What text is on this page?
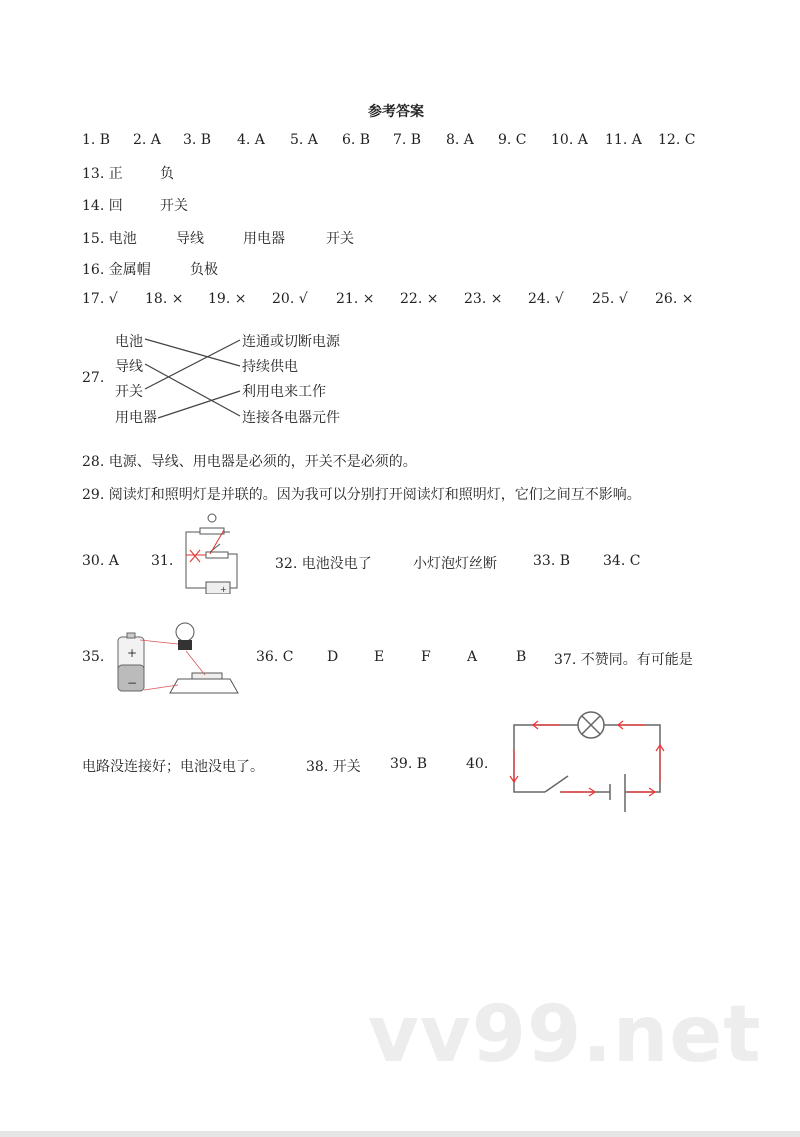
参考答案
1. B 2. A 3. B 4. A 5. A 6. B 7. B 8. A 9. C 10. A 11. A 12. C
13. 正	负
14. 回	开关
15. 电池	导线	用电器	开关
16. 金属帽	负极
17. √ 18. × 19. × 20. √ 21. × 22. × 23. × 24. √ 25. √ 26. ×
27.
电池
导线
开关
用电器
连通或切断电源
持续供电
利用电来工作
连接各电器元件
28. 电源、导线、用电器是必须的，开关不是必须的。
29. 阅读灯和照明灯是并联的。因为我可以分别打开阅读灯和照明灯，它们之间互不影响。
30. A 31.
+
32. 电池没电了	小灯泡灯丝断	33. B 34. C
35. +
−
36. C D	E	F	A	B 37. 不赞同。有可能是
电路没连接好；电池没电了。	38. 开关 39. B	40.
vv99.net
